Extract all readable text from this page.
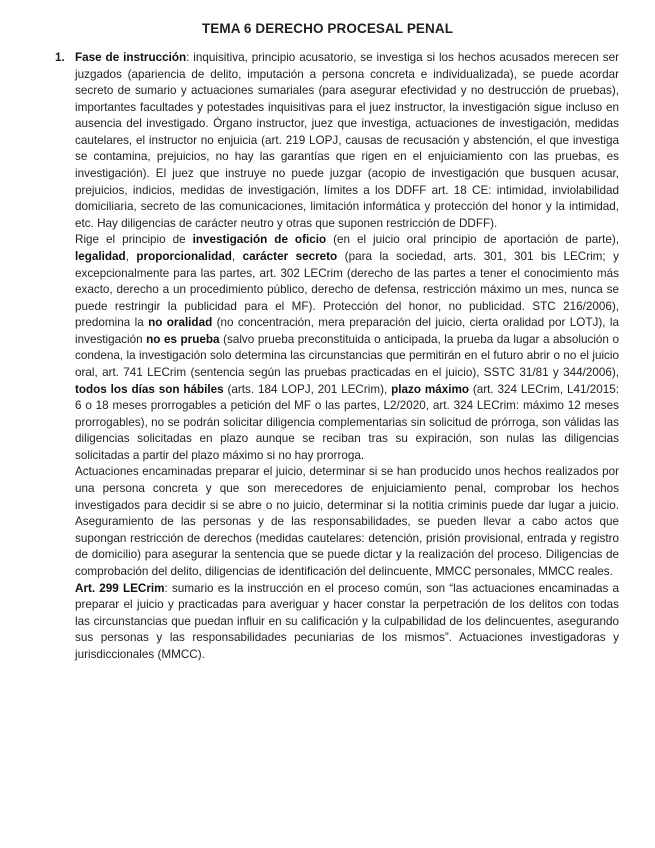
TEMA 6 DERECHO PROCESAL PENAL
1. Fase de instrucción: inquisitiva, principio acusatorio, se investiga si los hechos acusados merecen ser juzgados (apariencia de delito, imputación a persona concreta e individualizada), se puede acordar secreto de sumario y actuaciones sumariales (para asegurar efectividad y no destrucción de pruebas), importantes facultades y potestades inquisitivas para el juez instructor, la investigación sigue incluso en ausencia del investigado. Órgano instructor, juez que investiga, actuaciones de investigación, medidas cautelares, el instructor no enjuicia (art. 219 LOPJ, causas de recusación y abstención, el que investiga se contamina, prejuicios, no hay las garantías que rigen en el enjuiciamiento con las pruebas, es investigación). El juez que instruye no puede juzgar (acopio de investigación que busquen acusar, prejuicios, indicios, medidas de investigación, límites a los DDFF art. 18 CE: intimidad, inviolabilidad domiciliaria, secreto de las comunicaciones, limitación informática y protección del honor y la intimidad, etc. Hay diligencias de carácter neutro y otras que suponen restricción de DDFF).

Rige el principio de investigación de oficio (en el juicio oral principio de aportación de parte), legalidad, proporcionalidad, carácter secreto (para la sociedad, arts. 301, 301 bis LECrim; y excepcionalmente para las partes, art. 302 LECrim (derecho de las partes a tener el conocimiento más exacto, derecho a un procedimiento público, derecho de defensa, restricción máximo un mes, nunca se puede restringir la publicidad para el MF). Protección del honor, no publicidad. STC 216/2006), predomina la no oralidad (no concentración, mera preparación del juicio, cierta oralidad por LOTJ), la investigación no es prueba (salvo prueba preconstituida o anticipada, la prueba da lugar a absolución o condena, la investigación solo determina las circunstancias que permitirán en el futuro abrir o no el juicio oral, art. 741 LECrim (sentencia según las pruebas practicadas en el juicio), SSTC 31/81 y 344/2006), todos los días son hábiles (arts. 184 LOPJ, 201 LECrim), plazo máximo (art. 324 LECrim, L41/2015: 6 o 18 meses prorrogables a petición del MF o las partes, L2/2020, art. 324 LECrim: máximo 12 meses prorrogables), no se podrán solicitar diligencia complementarias sin solicitud de prórroga, son válidas las diligencias solicitadas en plazo aunque se reciban tras su expiración, son nulas las diligencias solicitadas a partir del plazo máximo si no hay prorroga.

Actuaciones encaminadas preparar el juicio, determinar si se han producido unos hechos realizados por una persona concreta y que son merecedores de enjuiciamiento penal, comprobar los hechos investigados para decidir si se abre o no juicio, determinar si la notitia criminis puede dar lugar a juicio. Aseguramiento de las personas y de las responsabilidades, se pueden llevar a cabo actos que supongan restricción de derechos (medidas cautelares: detención, prisión provisional, entrada y registro de domicilio) para asegurar la sentencia que se puede dictar y la realización del proceso. Diligencias de comprobación del delito, diligencias de identificación del delincuente, MMCC personales, MMCC reales.

Art. 299 LECrim: sumario es la instrucción en el proceso común, son “las actuaciones encaminadas a preparar el juicio y practicadas para averiguar y hacer constar la perpetración de los delitos con todas las circunstancias que puedan influir en su calificación y la culpabilidad de los delincuentes, asegurando sus personas y las responsabilidades pecuniarias de los mismos”. Actuaciones investigadoras y jurisdiccionales (MMCC).
